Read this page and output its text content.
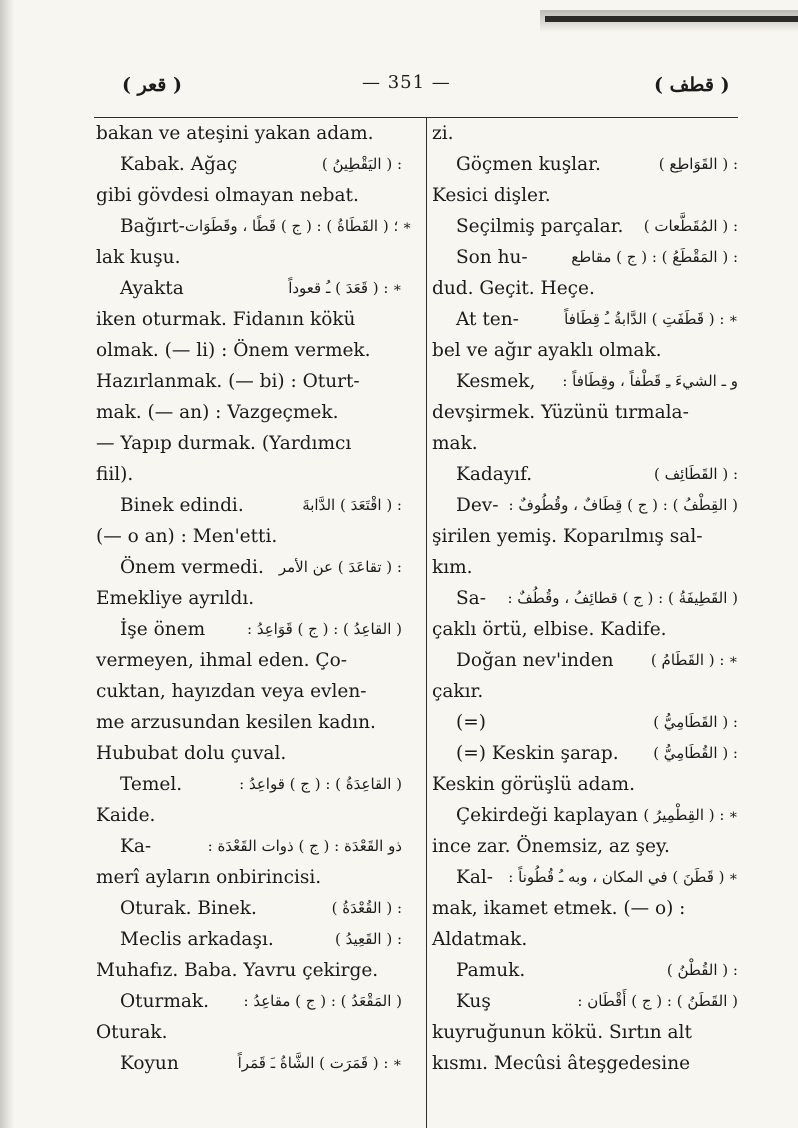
( قعر )	— 351 —	( قطف )
bakan ve ateşini yakan adam.
Kabak. Ağaç	: ( اليَقْطِينُ )
gibi gövdesi olmayan nebat.
Bağırt- ؛ ( القَطَاةُ ) : ( ج ) قَطًا ، وقَطَوَات ∗
lak kuşu.
Ayakta	: ( قَعَدَ ) ـُ قعوداً ∗
iken oturmak. Fidanın kökü
olmak. (— li) : Önem vermek.
Hazırlanmak. (— bi) : Oturt-
mak. (— an) : Vazgeçmek.
— Yapıp durmak. (Yardımcı
fiil).
Binek edindi.	: ( اقْتَعَدَ ) الدَّابةَ
(— o an) : Men'etti.
Önem vermedi. : ( تقاعَدَ ) عن الأمر
Emekliye ayrıldı.
İşe önem	( القاعِدُ ) : ( ج ) قَوَاعِدُ :
vermeyen, ihmal eden. Ço-
cuktan, hayızdan veya evlen-
me arzusundan kesilen kadın.
Hububat dolu çuval.
Temel.	( القاعِدَةُ ) : ( ج ) قواعِدُ :
Kaide.
Ka-	ذو القَعْدَة : ( ج ) ذوات القَعْدَة :
merî ayların onbirincisi.
Oturak. Binek.	: ( القُعْدَةُ )
Meclis arkadaşı.	: ( القَعِيدُ )
Muhafız. Baba. Yavru çekirge.
Oturmak. ( المَقْعَدُ ) : ( ج ) مقاعِدُ :
Oturak.
Koyun	: ( قَمَرَت ) الشَّاةُ ـَ قَمَراً ∗
zi.
Göçmen kuşlar.	: ( القَوَاطِع )
Kesici dişler.
Seçilmiş parçalar. : ( المُقَطَّعات )
Son hu-	: ( المَقْطَعُ ) : ( ج ) مقاطع
dud. Geçit. Heçe.
At ten-	: ( قَطَفَتِ ) الدَّابةُ ـُ قِطَافاً ∗
bel ve ağır ayaklı olmak.
Kesmek, و ـ الشيءَ ـِ قَطْفاً ، وقِطَافاً :
devşirmek. Yüzünü tırmala-
mak.
Kadayıf.	: ( القَطَائِف )
Dev- ( القِطْفُ ) : ( ج ) قِطَافٌ ، وقُطُوفٌ :
şirilen yemiş. Koparılmış sal-
kım.
Sa- ( القَطِيفَةُ ) : ( ج ) قطائِفُ ، وقُطُفٌ :
çaklı örtü, elbise. Kadife.
Doğan nev'inden : ( القَطَامُ ) ∗
çakır.
(=)	: ( القَطَامِيُّ )
(=) Keskin şarap. : ( القُطَامِيُّ )
Keskin görüşlü adam.
Çekirdeği kaplayan : ( القِطْمِيرُ ) ∗
ince zar. Önemsiz, az şey.
Kal- ( قَطَنَ ) في المكان ، وبه ـُ قُطُوناً : ∗
mak, ikamet etmek. (— o) :
Aldatmak.
Pamuk.	: ( القُطْنُ )
Kuş	( القَطَنُ ) : ( ج ) أَقْطَان :
kuyruğunun kökü. Sırtın alt
kısmı. Mecûsi âteşgedesine
